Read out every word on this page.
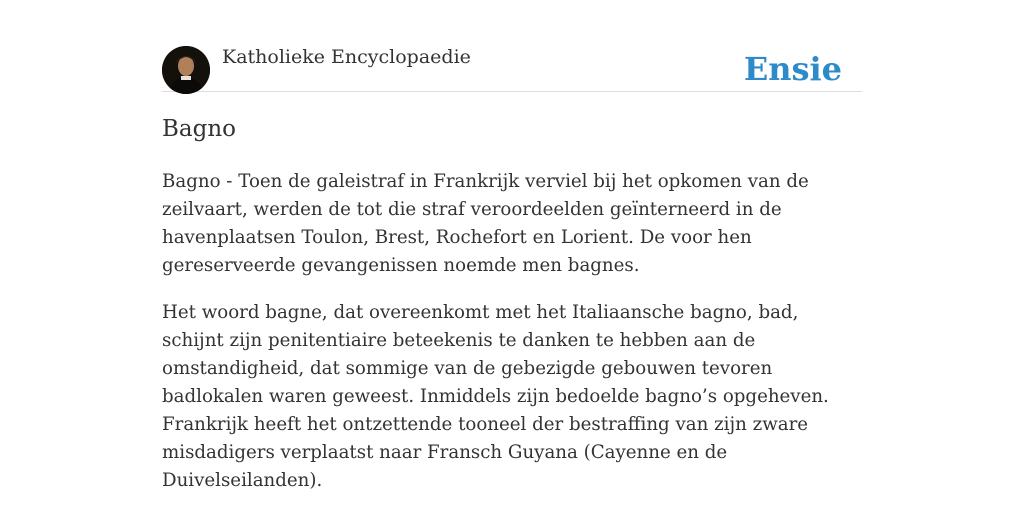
Katholieke Encyclopaedie	Ensie
Bagno

Bagno - Toen de galeistraf in Frankrijk verviel bij het opkomen van de zeilvaart, werden de tot die straf veroordeelden geïnterneerd in de havenplaatsen Toulon, Brest, Rochefort en Lorient. De voor hen gereserveerde gevangenissen noemde men bagnes.

Het woord bagne, dat overeenkomt met het Italiaansche bagno, bad, schijnt zijn penitentiaire beteekenis te danken te hebben aan de omstandigheid, dat sommige van de gebezigde gebouwen tevoren badlokalen waren geweest. Inmiddels zijn bedoelde bagno’s opgeheven. Frankrijk heeft het ontzettende tooneel der bestraffing van zijn zware misdadigers verplaatst naar Fransch Guyana (Cayenne en de Duivelseilanden).
